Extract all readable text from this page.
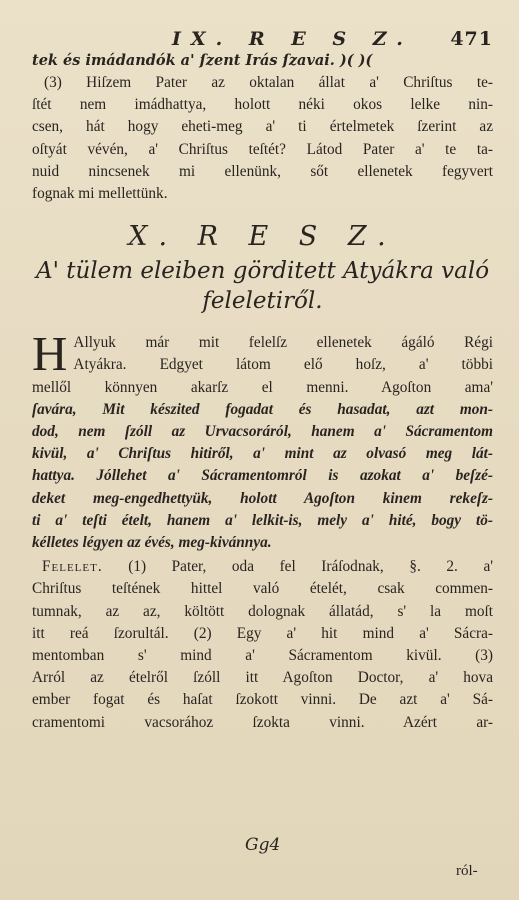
IX. R E S Z. 471

tek és imádandók a' ſzent Irás ſzavai. )( )(

(3) Hiſzem Pater az oktalan állat a' Chriſtus te-
ſtét nem imádhattya, holott néki okos lelke nin-
csen, hát hogy eheti-meg a' ti értelmetek ſzerint az
oſtyát vévén, a' Chriſtus teſtét? Látod Pater a' te ta-
nuid nincsenek mi ellenünk, sőt ellenetek fegyvert
fognak mi mellettünk.
X. R E S Z.
A' tülem eleiben görditett Atyákra való
feleletiről.
H Allyuk már mit felelſz ellenetek ágáló Régi
Atyákra. Edgyet látom elő hoſz, a' többi
mellől könnyen akarſz el menni. Agoſton ama'
ſavára, Mit készited fogadat és hasadat, azt mon-
dod, nem ſzóll az Urvacsoráról, hanem a' Sácramentom
kivül, a' Chriſtus hitiről, a' mint az olvasó meg lát-
hattya. Jóllehet a' Sácramentomról is azokat a' beſzé-
deket meg-engedhettyük, holott Agoſton kinem rekeſz-
ti a' teſti ételt, hanem a' lelkit-is, mely a' hité, bogy tö-
kélletes légyen az évés, meg-kivánnya.
Felelet. (1) Pater, oda fel Iráſodnak, §. 2. a'
Chriſtus teſtének hittel való ételét, csak commen-
tumnak, az az, költött dolognak állatád, s' la moſt
itt reá ſzorultál. (2) Egy a' hit mind a' Sácra-
mentomban s' mind a' Sácramentom kivül. (3)
Arról az ételről ſzóll itt Agoſton Doctor, a' hova
ember fogat és haſat ſzokott vinni. De azt a' Sá-
cramentomi vacsorához ſzokta vinni. Azért ar-
Gg4
ról-
